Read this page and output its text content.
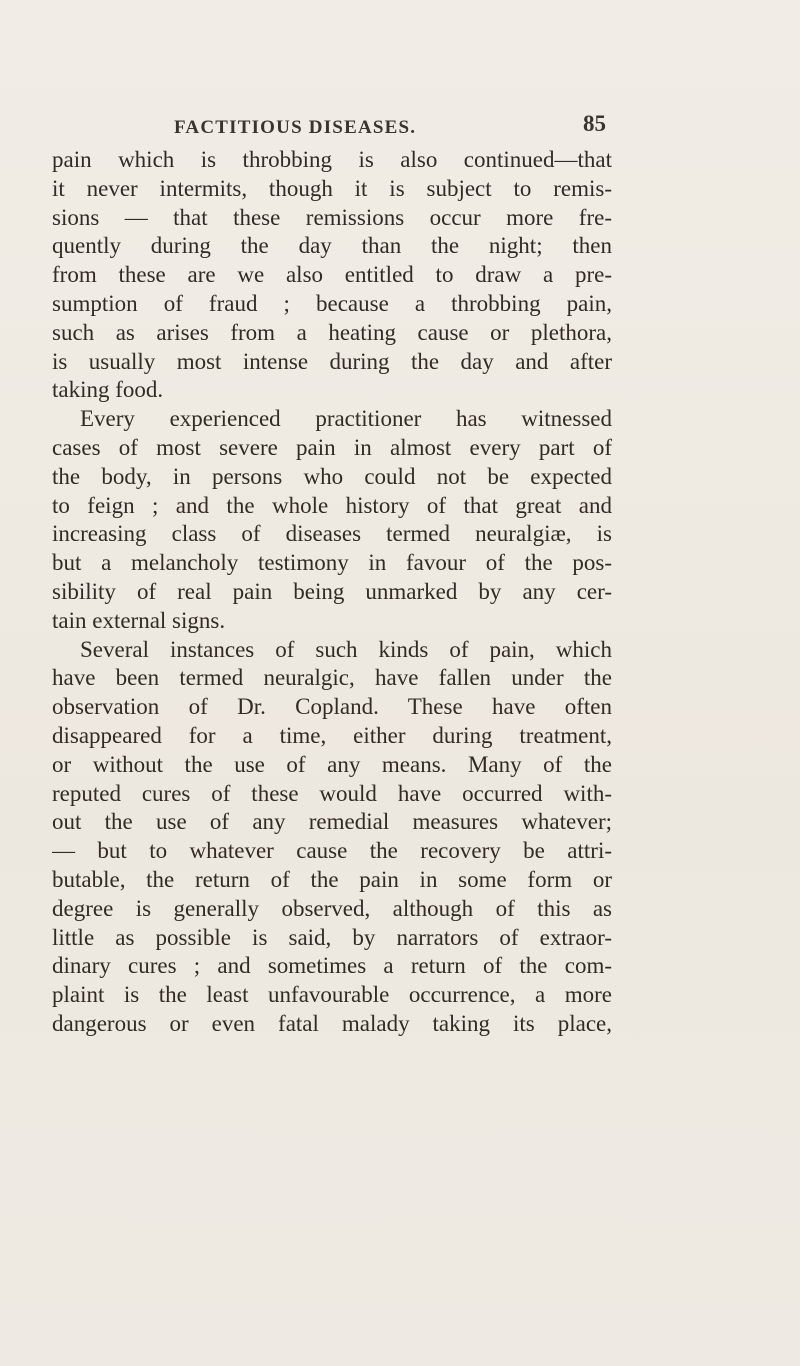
FACTITIOUS DISEASES.	85
pain which is throbbing is also continued—that
it never intermits, though it is subject to remis-
sions — that these remissions occur more fre-
quently during the day than the night; then
from these are we also entitled to draw a pre-
sumption of fraud ; because a throbbing pain,
such as arises from a heating cause or plethora,
is usually most intense during the day and after
taking food.
Every experienced practitioner has witnessed
cases of most severe pain in almost every part of
the body, in persons who could not be expected
to feign ; and the whole history of that great and
increasing class of diseases termed neuralgiæ, is
but a melancholy testimony in favour of the pos-
sibility of real pain being unmarked by any cer-
tain external signs.
Several instances of such kinds of pain, which
have been termed neuralgic, have fallen under the
observation of Dr. Copland. These have often
disappeared for a time, either during treatment,
or without the use of any means. Many of the
reputed cures of these would have occurred with-
out the use of any remedial measures whatever;
— but to whatever cause the recovery be attri-
butable, the return of the pain in some form or
degree is generally observed, although of this as
little as possible is said, by narrators of extraor-
dinary cures ; and sometimes a return of the com-
plaint is the least unfavourable occurrence, a more
dangerous or even fatal malady taking its place,
